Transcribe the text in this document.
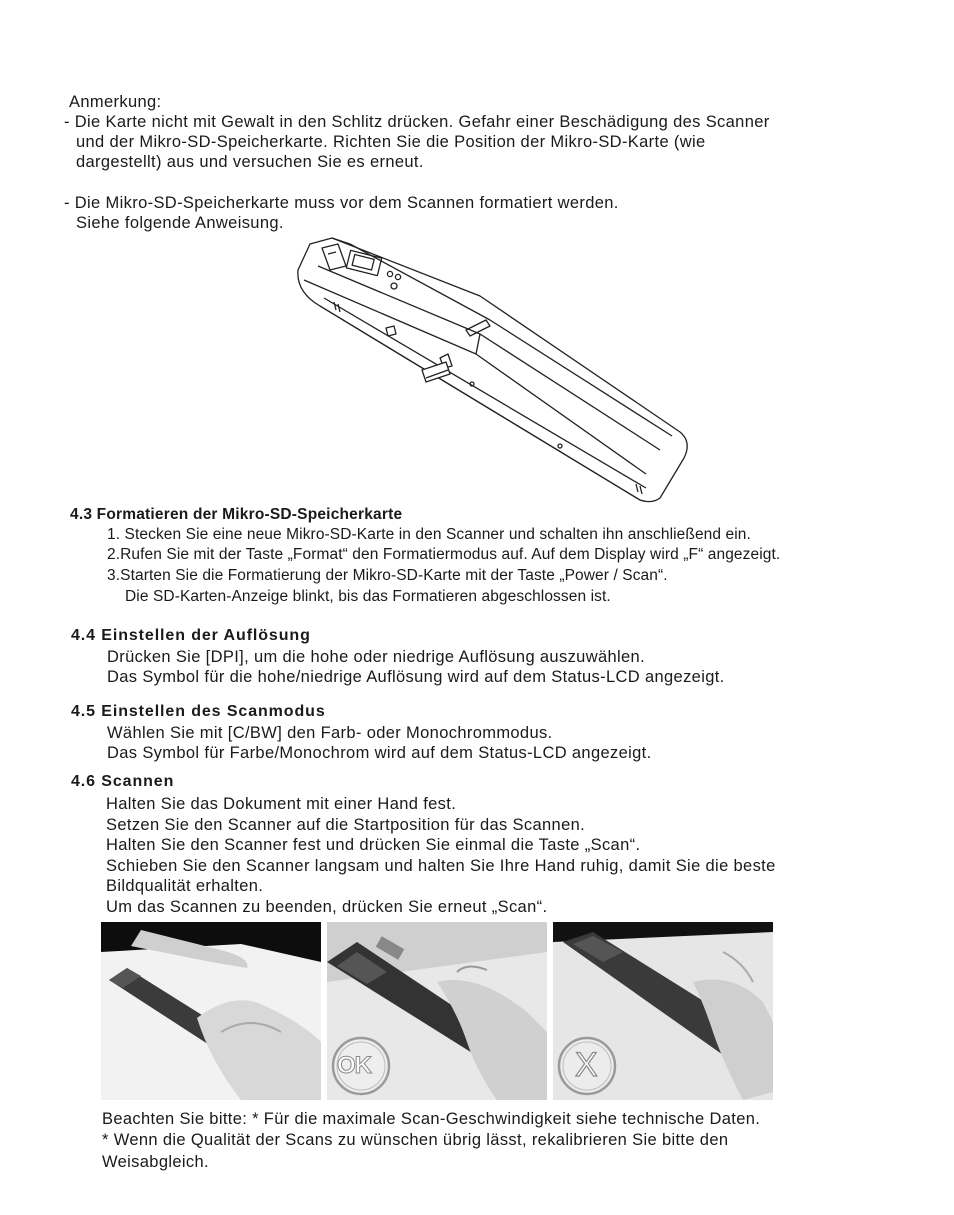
Anmerkung:
- Die Karte nicht mit Gewalt in den Schlitz drücken. Gefahr einer Beschädigung des Scanner
und der Mikro-SD-Speicherkarte. Richten Sie die Position der Mikro-SD-Karte (wie
dargestellt) aus und versuchen Sie es erneut.
- Die Mikro-SD-Speicherkarte muss vor dem Scannen formatiert werden.
Siehe folgende Anweisung.
4.3 Formatieren der Mikro-SD-Speicherkarte
1. Stecken Sie eine neue Mikro-SD-Karte in den Scanner und schalten ihn anschließend ein.
2.Rufen Sie mit der Taste „Format“ den Formatiermodus auf. Auf dem Display wird „F“ angezeigt.
3.Starten Sie die Formatierung der Mikro-SD-Karte mit der Taste „Power / Scan“.
Die SD-Karten-Anzeige blinkt, bis das Formatieren abgeschlossen ist.
4.4 Einstellen der Auflösung
Drücken Sie [DPI], um die hohe oder niedrige Auflösung auszuwählen.
Das Symbol für die hohe/niedrige Auflösung wird auf dem Status-LCD angezeigt.
4.5 Einstellen des Scanmodus
Wählen Sie mit [C/BW] den Farb- oder Monochrommodus.
Das Symbol für Farbe/Monochrom wird auf dem Status-LCD angezeigt.
4.6 Scannen
Halten Sie das Dokument mit einer Hand fest.
Setzen Sie den Scanner auf die Startposition für das Scannen.
Halten Sie den Scanner fest und drücken Sie einmal die Taste „Scan“.
Schieben Sie den Scanner langsam und halten Sie Ihre Hand ruhig, damit Sie die beste
Bildqualität erhalten.
Um das Scannen zu beenden, drücken Sie erneut „Scan“.
OK	X
Beachten Sie bitte: * Für die maximale Scan-Geschwindigkeit siehe technische Daten.
* Wenn die Qualität der Scans zu wünschen übrig lässt, rekalibrieren Sie bitte den
Weisabgleich.
